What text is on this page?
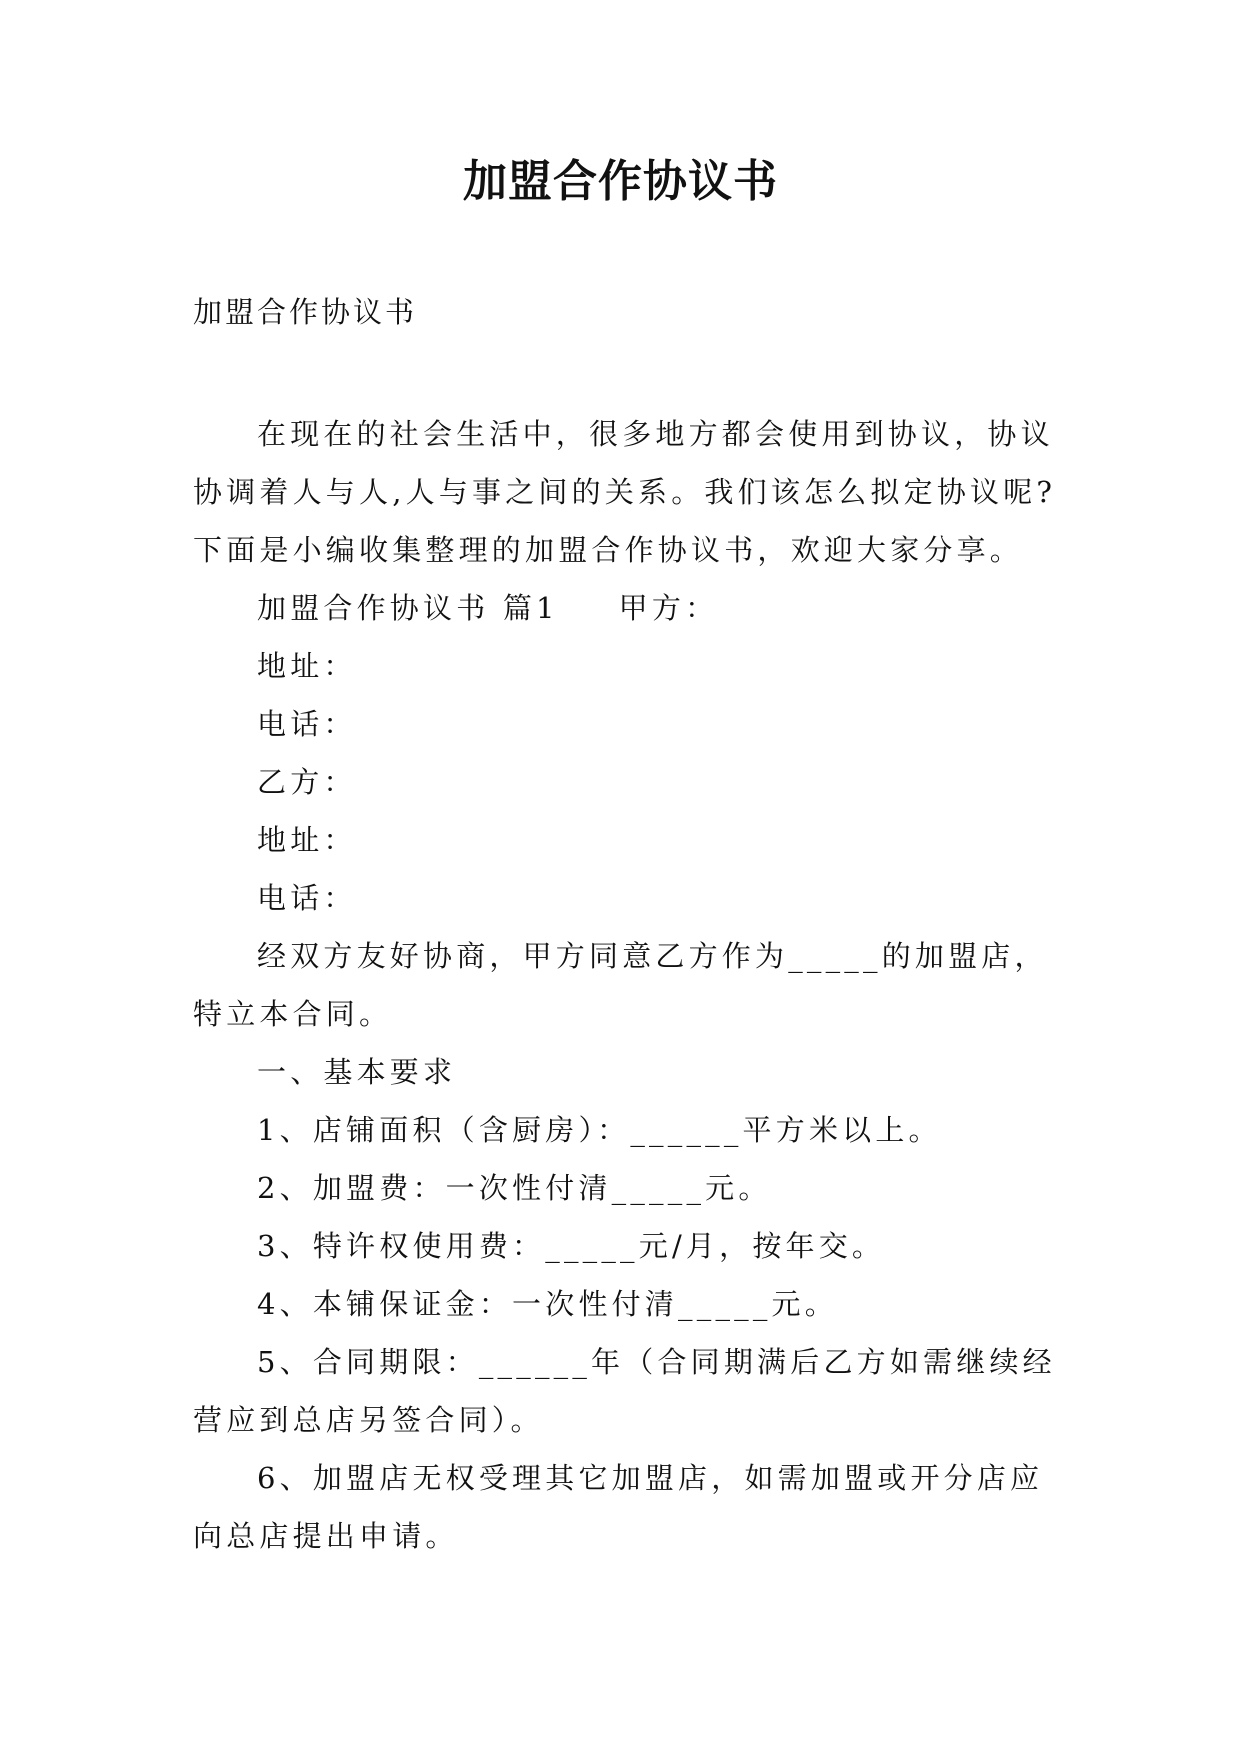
加盟合作协议书
加盟合作协议书
在现在的社会生活中，很多地方都会使用到协议，协议
协调着人与人,人与事之间的关系。我们该怎么拟定协议呢?
下面是小编收集整理的加盟合作协议书，欢迎大家分享。
加盟合作协议书 篇1 甲方：
地址：
电话：
乙方：
地址：
电话：
经双方友好协商，甲方同意乙方作为_____的加盟店，
特立本合同。
一、基本要求
1、店铺面积（含厨房）：______平方米以上。
2、加盟费：一次性付清_____元。
3、特许权使用费：_____元/月，按年交。
4、本铺保证金：一次性付清_____元。
5、合同期限：______年（合同期满后乙方如需继续经
营应到总店另签合同）。
6、加盟店无权受理其它加盟店，如需加盟或开分店应
向总店提出申请。
